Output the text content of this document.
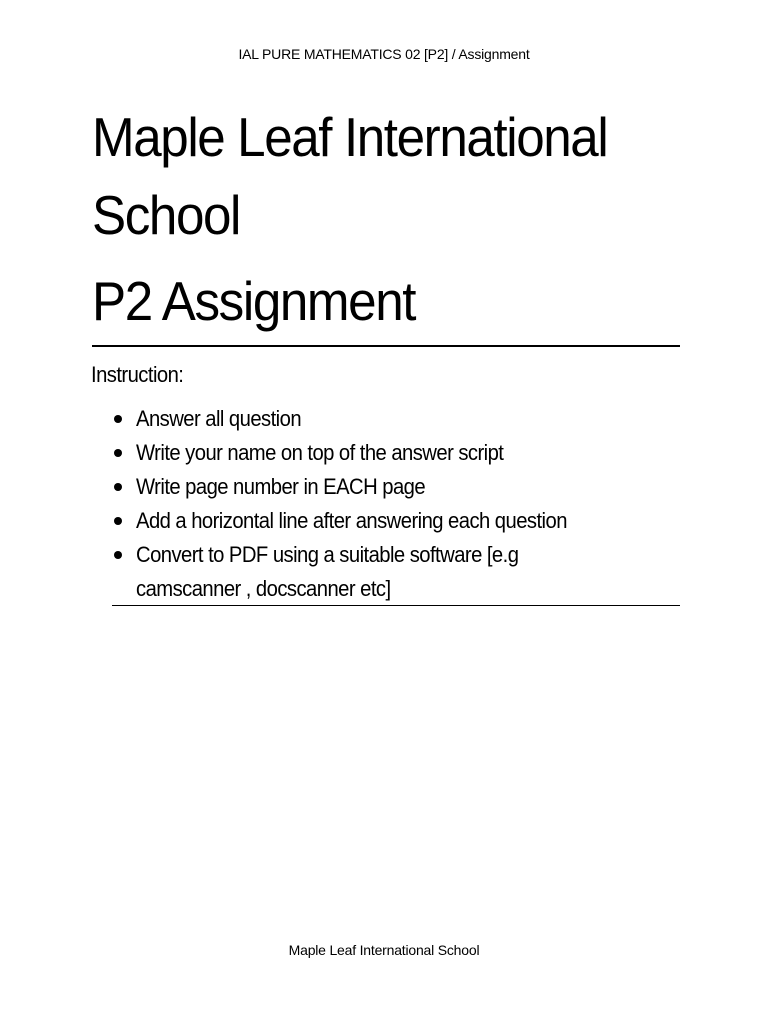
IAL PURE MATHEMATICS 02 [P2] / Assignment
Maple Leaf International
School
P2 Assignment
Instruction:
Answer all question
Write your name on top of the answer script
Write page number in EACH page
Add a horizontal line after answering each question
Convert to PDF using a suitable software [e.g camscanner , docscanner etc]
Maple Leaf International School
